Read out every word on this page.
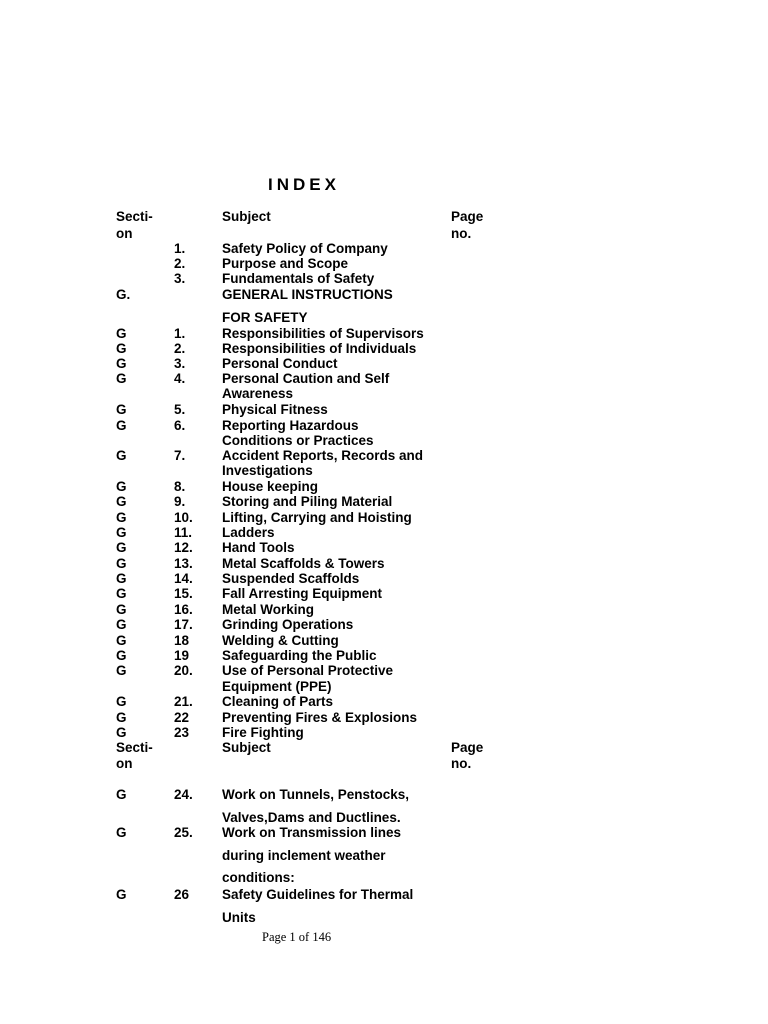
INDEX
Secti-	Subject	Page
on	no.
1.	Safety Policy of Company
2.	Purpose and Scope
3.	Fundamentals of Safety
G.	GENERAL INSTRUCTIONS
FOR SAFETY
G	1.	Responsibilities of Supervisors
G	2.	Responsibilities of Individuals
G	3.	Personal Conduct
G	4.	Personal Caution and Self
Awareness
G	5.	Physical Fitness
G	6.	Reporting Hazardous
Conditions or Practices
G	7.	Accident Reports, Records and
Investigations
G	8.	House keeping
G	9.	Storing and Piling Material
G	10. Lifting, Carrying and Hoisting
G	11. Ladders
G	12. Hand Tools
G	13. Metal Scaffolds & Towers
G	14. Suspended Scaffolds
G	15. Fall Arresting Equipment
G	16. Metal Working
G	17. Grinding Operations
G	18 Welding & Cutting
G	19 Safeguarding the Public
G	20. Use of Personal Protective
Equipment (PPE)
G	21. Cleaning of Parts
G	22 Preventing Fires & Explosions
G	23 Fire Fighting
Secti-	Subject	Page
on	no.
G	24. Work on Tunnels, Penstocks,
Valves,Dams and Ductlines.
G	25. Work on Transmission lines
during inclement weather
conditions:
G	26 Safety Guidelines for Thermal
Units
Page 1 of 146
